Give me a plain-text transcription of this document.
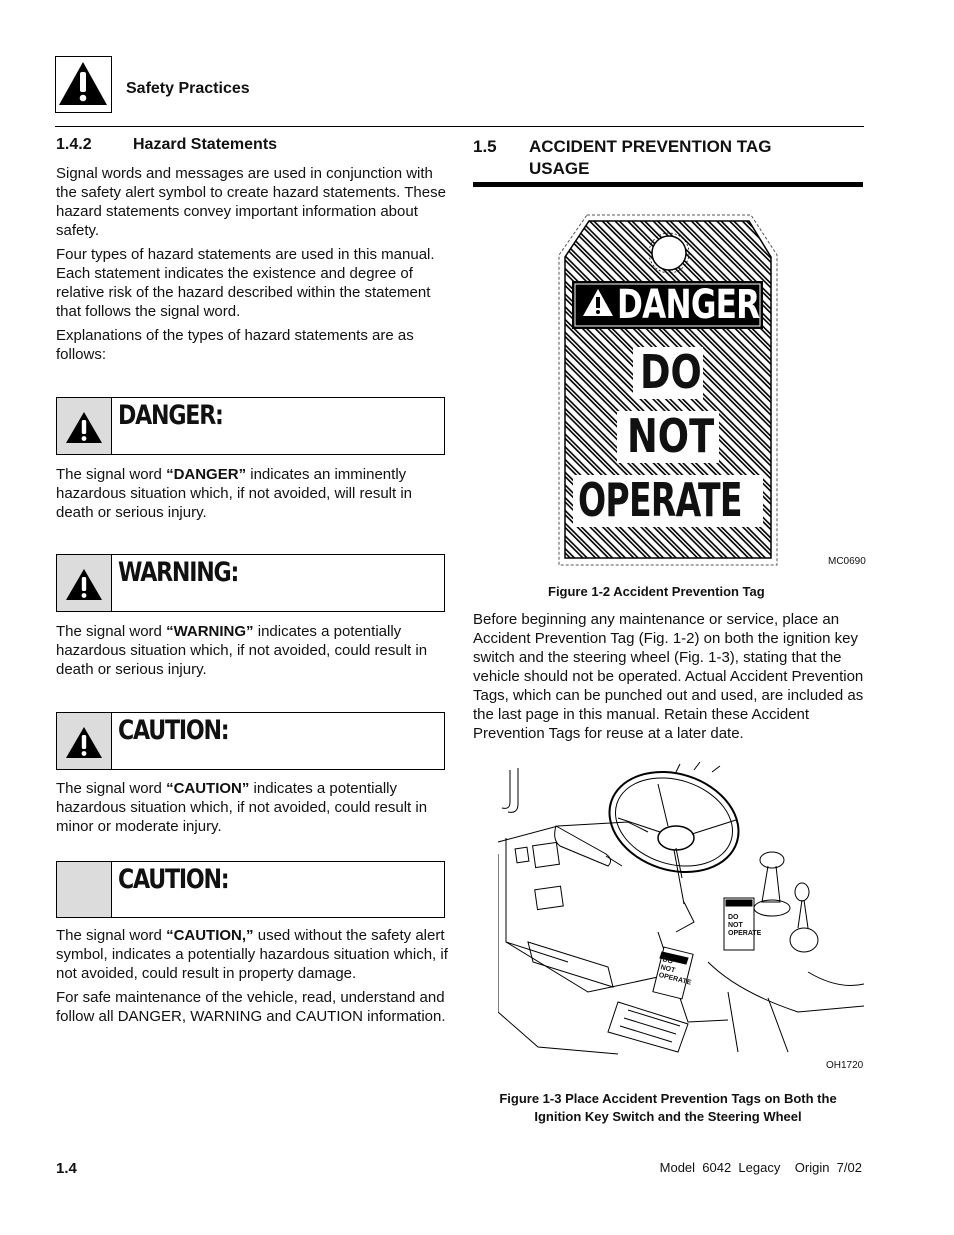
Safety Practices
1.4.2	Hazard Statements
Signal words and messages are used in conjunction with the safety alert symbol to create hazard statements. These hazard statements convey important information about safety.
Four types of hazard statements are used in this manual. Each statement indicates the existence and degree of relative risk of the hazard described within the statement that follows the signal word.
Explanations of the types of hazard statements are as follows:
DANGER:
The signal word “DANGER” indicates an imminently hazardous situation which, if not avoided, will result in death or serious injury.
WARNING:
The signal word “WARNING” indicates a potentially hazardous situation which, if not avoided, could result in death or serious injury.
CAUTION:
The signal word “CAUTION” indicates a potentially hazardous situation which, if not avoided, could result in minor or moderate injury.
CAUTION:
The signal word “CAUTION,” used without the safety alert symbol, indicates a potentially hazardous situation which, if not avoided, could result in property damage.
For safe maintenance of the vehicle, read, understand and follow all DANGER, WARNING and CAUTION information.
1.5 ACCIDENT PREVENTION TAG
USAGE
DANGER
DO
NOT
OPERATE
MC0690
Figure 1-2 Accident Prevention Tag
Before beginning any maintenance or service, place an Accident Prevention Tag (Fig. 1-2) on both the ignition key switch and the steering wheel (Fig. 1-3), stating that the vehicle should not be operated. Actual Accident Prevention Tags, which can be punched out and used, are included as the last page in this manual. Retain these Accident Prevention Tags for reuse at a later date.
DO
NOT
OPERATE
DO
NOT
OPERATE
OH1720
Figure 1-3 Place Accident Prevention Tags on Both the
Ignition Key Switch and the Steering Wheel
1.4	Model  6042  Legacy    Origin  7/02
